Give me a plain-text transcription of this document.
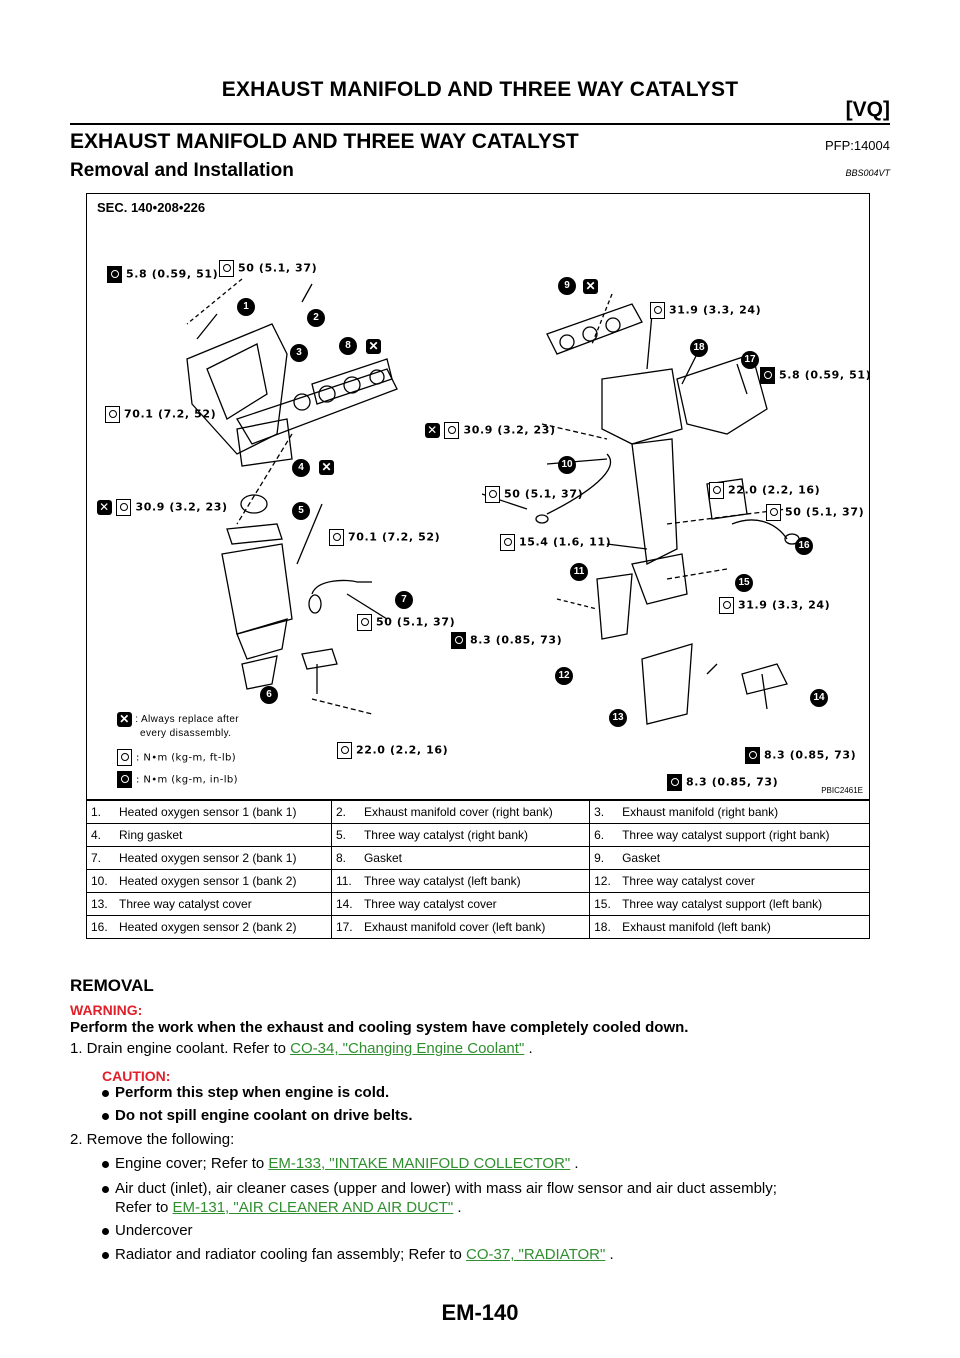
EXHAUST MANIFOLD AND THREE WAY CATALYST
[VQ]
EXHAUST MANIFOLD AND THREE WAY CATALYST	PFP:14004
Removal and Installation	BBS004VT
SEC. 140•208•226
PBIC2461E
5.8 (0.59, 51)	50 (5.1, 37)
70.1 (7.2, 52)
✕ 30.9 (3.2, 23)
70.1 (7.2, 52)
50 (5.1, 37)
22.0 (2.2, 16)
31.9 (3.3, 24)
5.8 (0.59, 51)
✕ 30.9 (3.2, 23)
50 (5.1, 37)	22.0 (2.2, 16)
50 (5.1, 37)
15.4 (1.6, 11)
31.9 (3.3, 24)
8.3 (0.85, 73)
8.3 (0.85, 73)
8.3 (0.85, 73)
1
2
3
4	✕
5
6
7
8	✕
9	✕
10
11
12
13
14
15
16
17
18
✕ : Always replace after
every disassembly.
: N•m (kg-m, ft-lb)
: N•m (kg-m, in-lb)
1.	Heated oxygen sensor 1 (bank 1)	2.	Exhaust manifold cover (right bank)	3.	Exhaust manifold (right bank)
4.	Ring gasket	5.	Three way catalyst (right bank)	6.	Three way catalyst support (right bank)
7.	Heated oxygen sensor 2 (bank 1)	8.	Gasket	9.	Gasket
10.	Heated oxygen sensor 1 (bank 2)	11.	Three way catalyst (left bank)	12.	Three way catalyst cover
13.	Three way catalyst cover	14.	Three way catalyst cover	15.	Three way catalyst support (left bank)
16.	Heated oxygen sensor 2 (bank 2)	17.	Exhaust manifold cover (left bank)	18.	Exhaust manifold (left bank)
REMOVAL
WARNING:
Perform the work when the exhaust and cooling system have completely cooled down.
1. Drain engine coolant. Refer to CO-34, "Changing Engine Coolant" .
CAUTION:
Perform this step when engine is cold.
Do not spill engine coolant on drive belts.
2. Remove the following:
Engine cover; Refer to EM-133, "INTAKE MANIFOLD COLLECTOR" .
Air duct (inlet), air cleaner cases (upper and lower) with mass air flow sensor and air duct assembly;
Refer to EM-131, "AIR CLEANER AND AIR DUCT" .
Undercover
Radiator and radiator cooling fan assembly; Refer to CO-37, "RADIATOR" .
EM-140
